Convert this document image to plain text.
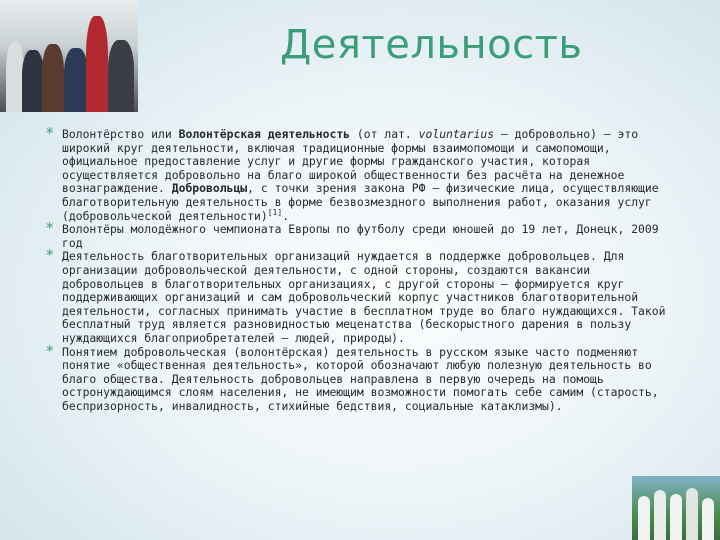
Деятельность
* Волонтёрство или Волонтёрская деятельность (от лат. voluntarius — добровольно) — это широкий круг деятельности, включая традиционные формы взаимопомощи и самопомощи, официальное предоставление услуг и другие формы гражданского участия, которая осуществляется добровольно на благо широкой общественности без расчёта на денежное вознаграждение. Добровольцы, с точки зрения закона РФ — физические лица, осуществляющие благотворительную деятельность в форме безвозмездного выполнения работ, оказания услуг (добровольческой деятельности)[1].
* Волонтёры молодёжного чемпионата Европы по футболу среди юношей до 19 лет, Донецк, 2009 год
* Деятельность благотворительных организаций нуждается в поддержке добровольцев. Для организации добровольческой деятельности, с одной стороны, создаются вакансии добровольцев в благотворительных организациях, с другой стороны — формируется круг поддерживающих организаций и сам добровольческий корпус участников благотворительной деятельности, согласных принимать участие в бесплатном труде во благо нуждающихся. Такой бесплатный труд является разновидностью меценатства (бескорыстного дарения в пользу нуждающихся благоприобретателей — людей, природы).
* Понятием добровольческая (волонтёрская) деятельность в русском языке часто подменяют понятие «общественная деятельность», которой обозначают любую полезную деятельность во благо общества. Деятельность добровольцев направлена в первую очередь на помощь остронуждающимся слоям населения, не имеющим возможности помогать себе самим (старость, беспризорность, инвалидность, стихийные бедствия, социальные катаклизмы).
